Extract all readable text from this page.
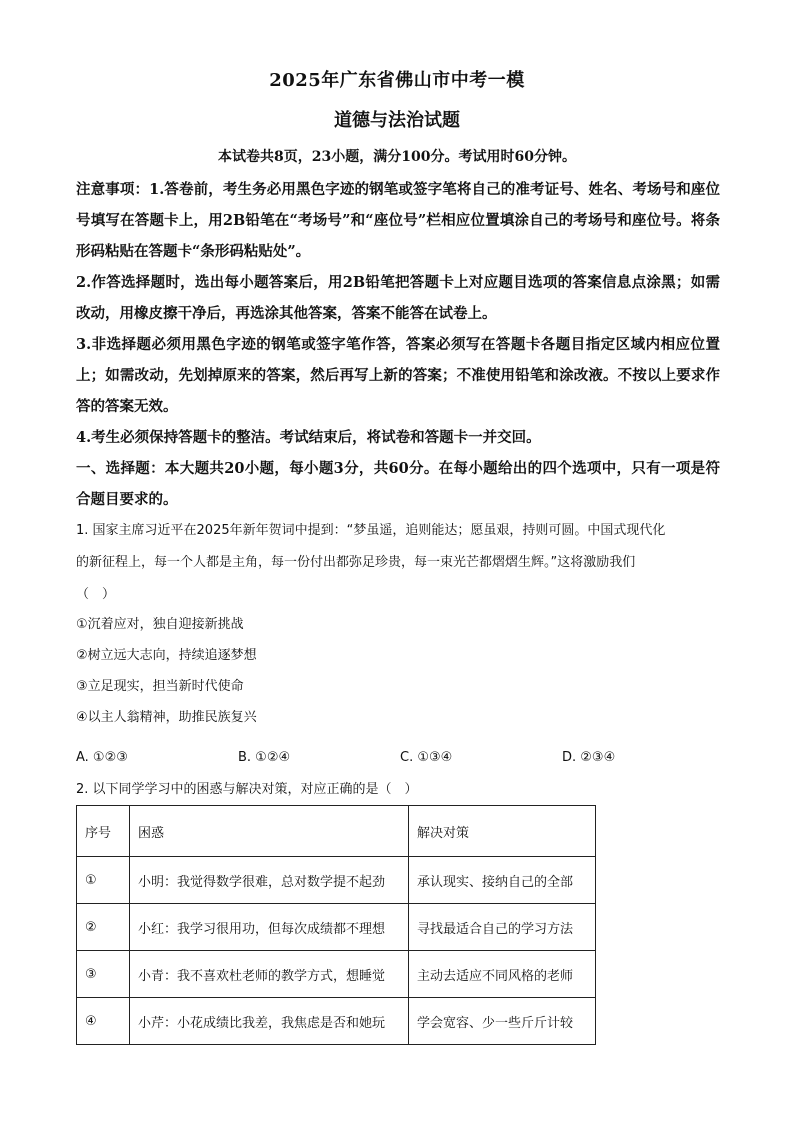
2025年广东省佛山市中考一模
道德与法治试题
本试卷共8页，23小题，满分100分。考试用时60分钟。

注意事项：1.答卷前，考生务必用黑色字迹的钢笔或签字笔将自己的准考证号、姓名、考场号和座位号填写在答题卡上，用2B铅笔在“考场号”和“座位号”栏相应位置填涂自己的考场号和座位号。将条形码粘贴在答题卡“条形码粘贴处”。

2.作答选择题时，选出每小题答案后，用2B铅笔把答题卡上对应题目选项的答案信息点涂黑；如需改动，用橡皮擦干净后，再选涂其他答案，答案不能答在试卷上。

3.非选择题必须用黑色字迹的钢笔或签字笔作答，答案必须写在答题卡各题目指定区域内相应位置上；如需改动，先划掉原来的答案，然后再写上新的答案；不准使用铅笔和涂改液。不按以上要求作答的答案无效。

4.考生必须保持答题卡的整洁。考试结束后，将试卷和答题卡一并交回。

一、选择题：本大题共20小题，每小题3分，共60分。在每小题给出的四个选项中，只有一项是符合题目要求的。

1. 国家主席习近平在2025年新年贺词中提到：“梦虽遥，追则能达；愿虽艰，持则可圆。中国式现代化

的新征程上，每一个人都是主角，每一份付出都弥足珍贵，每一束光芒都熠熠生辉。”这将激励我们

（　）

①沉着应对，独自迎接新挑战

②树立远大志向，持续追逐梦想

③立足现实，担当新时代使命

④以主人翁精神，助推民族复兴

A. ①②③	B. ①②④	C. ①③④	D. ②③④

2. 以下同学学习中的困惑与解决对策，对应正确的是（　）

序号	困惑	解决对策
①	小明：我觉得数学很难，总对数学提不起劲	承认现实、接纳自己的全部
②	小红：我学习很用功，但每次成绩都不理想	寻找最适合自己的学习方法
③	小青：我不喜欢杜老师的教学方式，想睡觉	主动去适应不同风格的老师
④	小芹：小花成绩比我差，我焦虑是否和她玩	学会宽容、少一些斤斤计较
